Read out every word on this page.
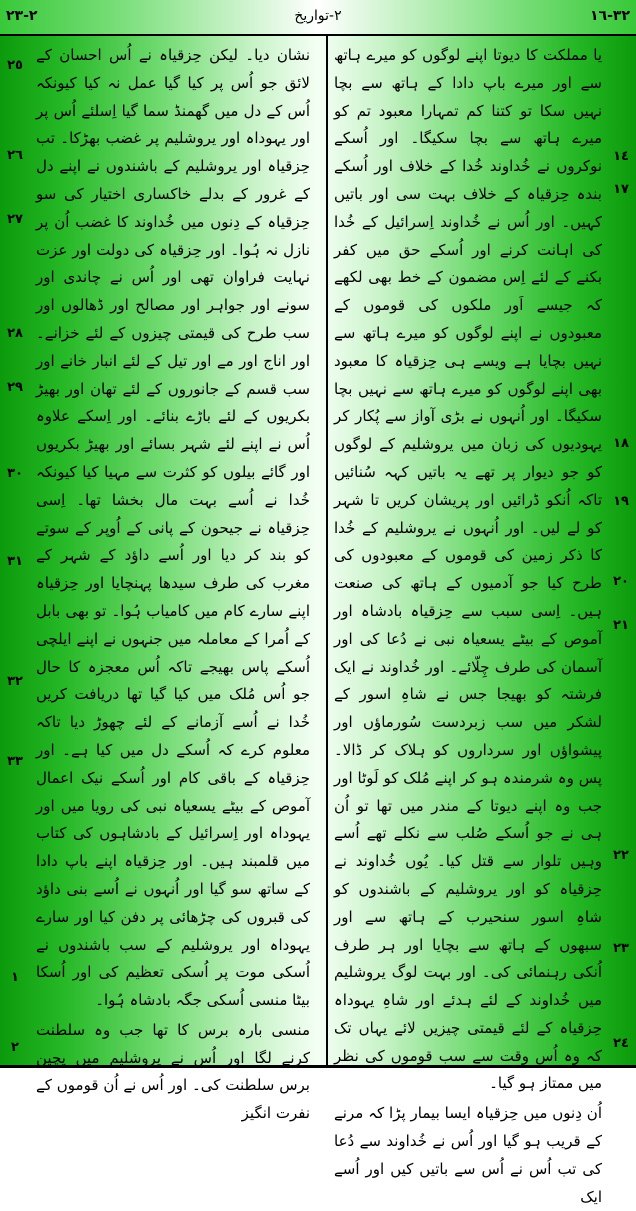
٢-٢٣	٢-تواریخ	٣٢-١٦
١٤
١٧
١٨
١٩
٢٠
٢١
٢٢
٢٣
٢٤
٢٥
٢٦
٢٧
٢٨
٢٩
٣٠
٣١
٣٢
٣٣
١
٢

یا مملکت کا دیوتا اپنے لوگوں کو میرے ہاتھ سے اور میرے باپ دادا کے ہاتھ سے بچا نہیں سکا تو کتنا کم تمہارا معبود تم کو میرے ہاتھ سے بچا سکیگا۔ اور اُسکے نوکروں نے خُداوند خُدا کے خلاف اور اُسکے بندہ حِزقیاہ کے خلاف بہت سی اور باتیں کہیں۔ اور اُس نے خُداوند اِسرائیل کے خُدا کی اہانت کرنے اور اُسکے حق میں کفر بکنے کے لئے اِس مضمون کے خط بھی لکھے کہ جیسے اَور ملکوں کی قوموں کے معبودوں نے اپنے لوگوں کو میرے ہاتھ سے نہیں بچایا ہے ویسے ہی حِزقیاہ کا معبود بھی اپنے لوگوں کو میرے ہاتھ سے نہیں بچا سکیگا۔ اور اُنہوں نے بڑی آواز سے پُکار کر یہودیوں کی زبان میں یروشلیم کے لوگوں کو جو دیوار پر تھے یہ باتیں کہہ سُنائیں تاکہ اُنکو ڈرائیں اور پریشان کریں تا شہر کو لے لیں۔ اور اُنہوں نے یروشلیم کے خُدا کا ذکر زمین کی قوموں کے معبودوں کی طرح کیا جو آدمیوں کے ہاتھ کی صنعت ہیں۔ اِسی سبب سے حِزقیاہ بادشاہ اور آموص کے بیٹے یسعیاہ نبی نے دُعا کی اور آسمان کی طرف چِلّائے۔ اور خُداوند نے ایک فرشتہ کو بھیجا جس نے شاہِ اسور کے لشکر میں سب زبردست سُورماؤں اور پیشواؤں اور سرداروں کو ہلاک کر ڈالا۔ پس وہ شرمندہ ہو کر اپنے مُلک کو لَوٹا اور جب وہ اپنے دیوتا کے مندر میں تھا تو اُن ہی نے جو اُسکے صُلب سے نکلے تھے اُسے وہیں تلوار سے قتل کیا۔ یُوں خُداوند نے حِزقیاہ کو اور یروشلیم کے باشندوں کو شاہِ اسور سنحیرب کے ہاتھ سے اور سبھوں کے ہاتھ سے بچایا اور ہر طرف اُنکی رہنمائی کی۔ اور بہت لوگ یروشلیم میں خُداوند کے لئے ہدئے اور شاہِ یہوداہ حِزقیاہ کے لئے قیمتی چیزیں لائے یہاں تک کہ وہ اُس وقت سے سب قوموں کی نظر میں ممتاز ہو گیا۔

اُن دِنوں میں حِزقیاہ ایسا بیمار پڑا کہ مرنے کے قریب ہو گیا اور اُس نے خُداوند سے دُعا کی تب اُس نے اُس سے باتیں کیں اور اُسے ایک

نشان دیا۔ لیکن حِزقیاہ نے اُس احسان کے لائق جو اُس پر کیا گیا عمل نہ کیا کیونکہ اُس کے دل میں گھمنڈ سما گیا اِسلئے اُس پر اور یہوداہ اور یروشلیم پر غضب بھڑکا۔ تب حِزقیاہ اور یروشلیم کے باشندوں نے اپنے دل کے غرور کے بدلے خاکساری اختیار کی سو حِزقیاہ کے دِنوں میں خُداوند کا غضب اُن پر نازل نہ ہُوا۔ اور حِزقیاہ کی دولت اور عزت نہایت فراوان تھی اور اُس نے چاندی اور سونے اور جواہر اور مصالح اور ڈھالوں اور سب طرح کی قیمتی چیزوں کے لئے خزانے۔ اور اناج اور مے اور تیل کے لئے انبار خانے اور سب قسم کے جانوروں کے لئے تھان اور بھیڑ بکریوں کے لئے باڑے بنائے۔ اور اِسکے علاوہ اُس نے اپنے لئے شہر بسائے اور بھیڑ بکریوں اور گائے بیلوں کو کثرت سے مہیا کیا کیونکہ خُدا نے اُسے بہت مال بخشا تھا۔ اِسی حِزقیاہ نے جیحون کے پانی کے اُوپر کے سوتے کو بند کر دیا اور اُسے داؤد کے شہر کے مغرب کی طرف سیدھا پہنچایا اور حِزقیاہ اپنے سارے کام میں کامیاب ہُوا۔ تو بھی بابل کے اُمرا کے معاملہ میں جنہوں نے اپنے ایلچی اُسکے پاس بھیجے تاکہ اُس معجزہ کا حال جو اُس مُلک میں کیا گیا تھا دریافت کریں خُدا نے اُسے آزمانے کے لئے چھوڑ دیا تاکہ معلوم کرے کہ اُسکے دل میں کیا ہے۔ اور حِزقیاہ کے باقی کام اور اُسکے نیک اعمال آموص کے بیٹے یسعیاہ نبی کی رویا میں اور یہوداہ اور اِسرائیل کے بادشاہوں کی کتاب میں قلمبند ہیں۔ اور حِزقیاہ اپنے باپ دادا کے ساتھ سو گیا اور اُنہوں نے اُسے بنی داؤد کی قبروں کی چڑھائی پر دفن کیا اور سارے یہوداہ اور یروشلیم کے سب باشندوں نے اُسکی موت پر اُسکی تعظیم کی اور اُسکا بیٹا منسی اُسکی جگہ بادشاہ ہُوا۔

منسی بارہ برس کا تھا جب وہ سلطنت کرنے لگا اور اُس نے یروشلیم میں پچپن برس سلطنت کی۔ اور اُس نے اُن قوموں کے نفرت انگیز
